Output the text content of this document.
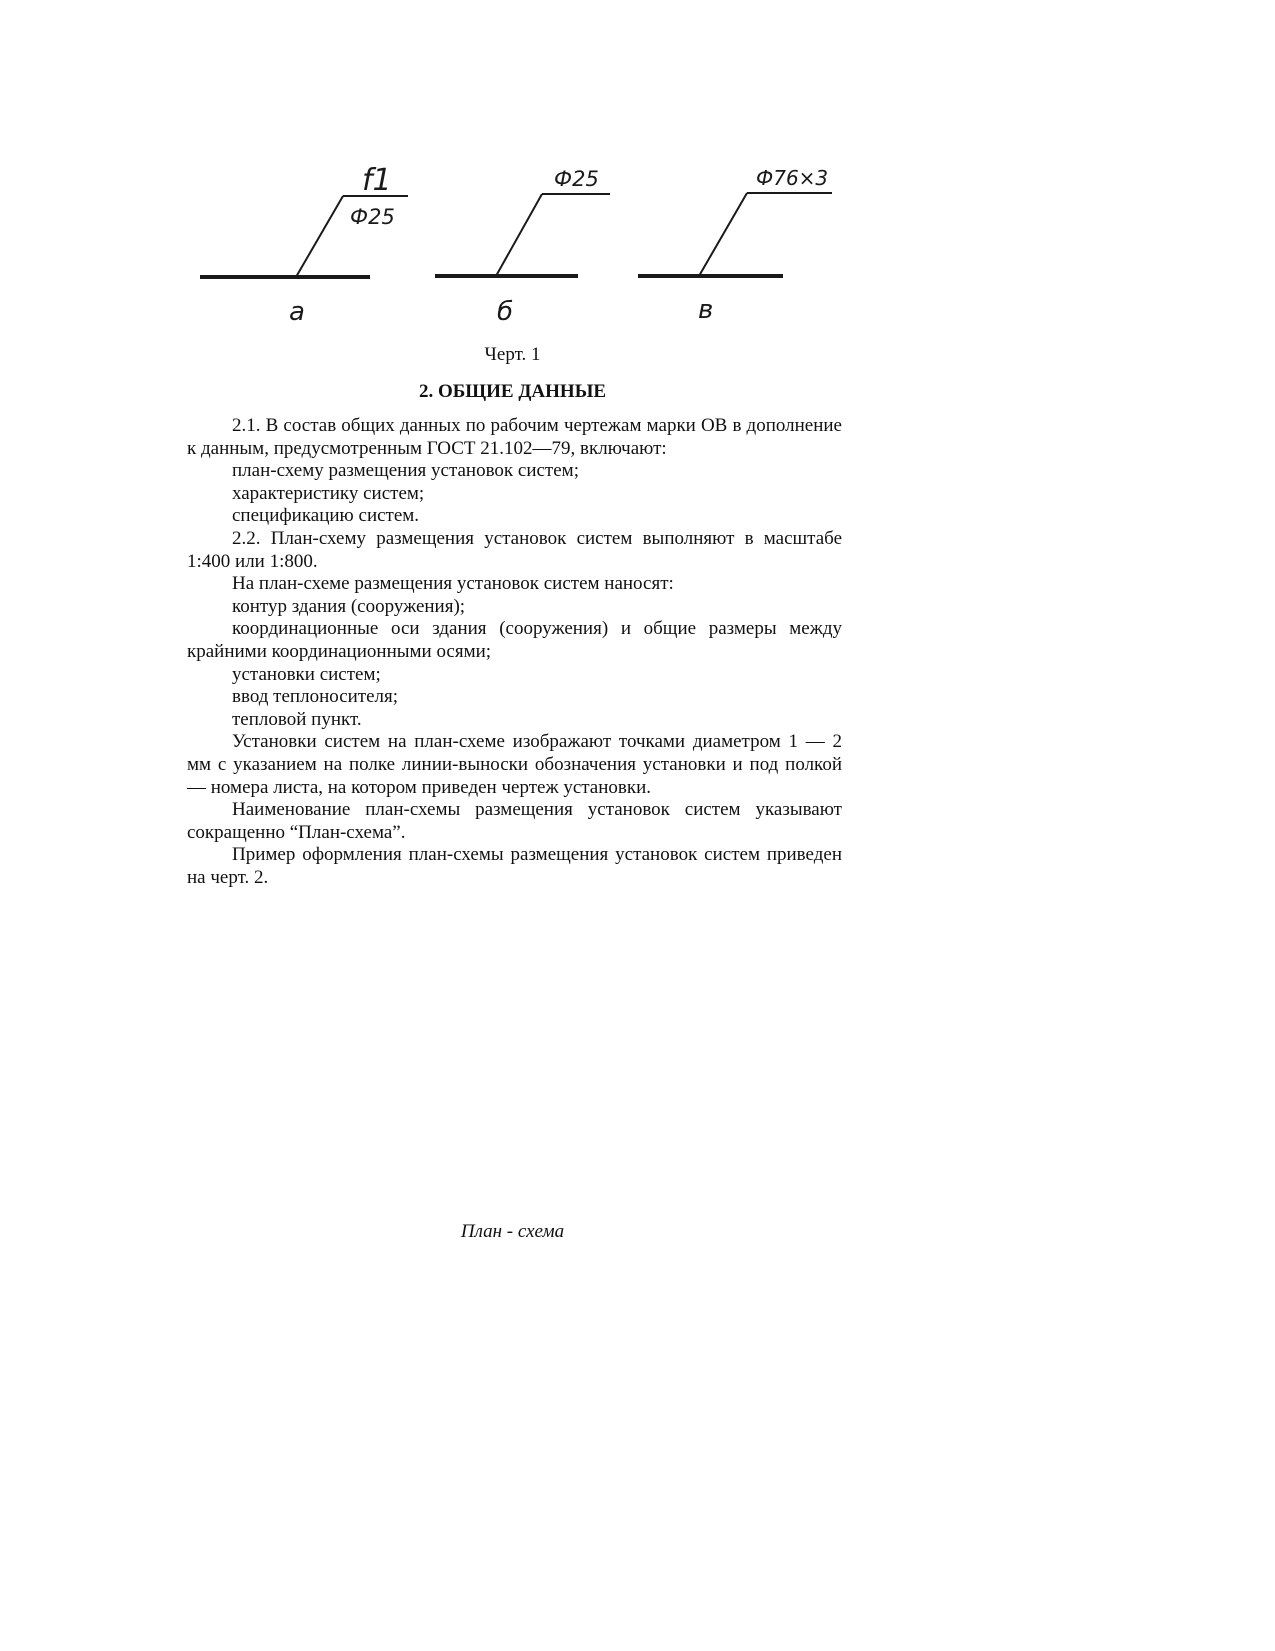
f1
Ф25
а
Ф25
б
Ф76×3
в
Черт. 1
2. ОБЩИЕ ДАННЫЕ

2.1. В состав общих данных по рабочим чертежам марки ОВ в дополнение к данным, предусмотренным ГОСТ 21.102—79, включают:

план-схему размещения установок систем;

характеристику систем;

спецификацию систем.

2.2. План-схему размещения установок систем выполняют в масштабе 1:400 или 1:800.

На план-схеме размещения установок систем наносят:

контур здания (сооружения);

координационные оси здания (сооружения) и общие размеры между крайними координационными осями;

установки систем;

ввод теплоносителя;

тепловой пункт.

Установки систем на план-схеме изображают точками диаметром 1 — 2 мм с указанием на полке линии-выноски обозначения установки и под полкой — номера листа, на котором приведен чертеж установки.

Наименование план-схемы размещения установок систем указывают сокращенно “План-схема”.

Пример оформления план-схемы размещения установок систем приведен на черт. 2.

План - схема
